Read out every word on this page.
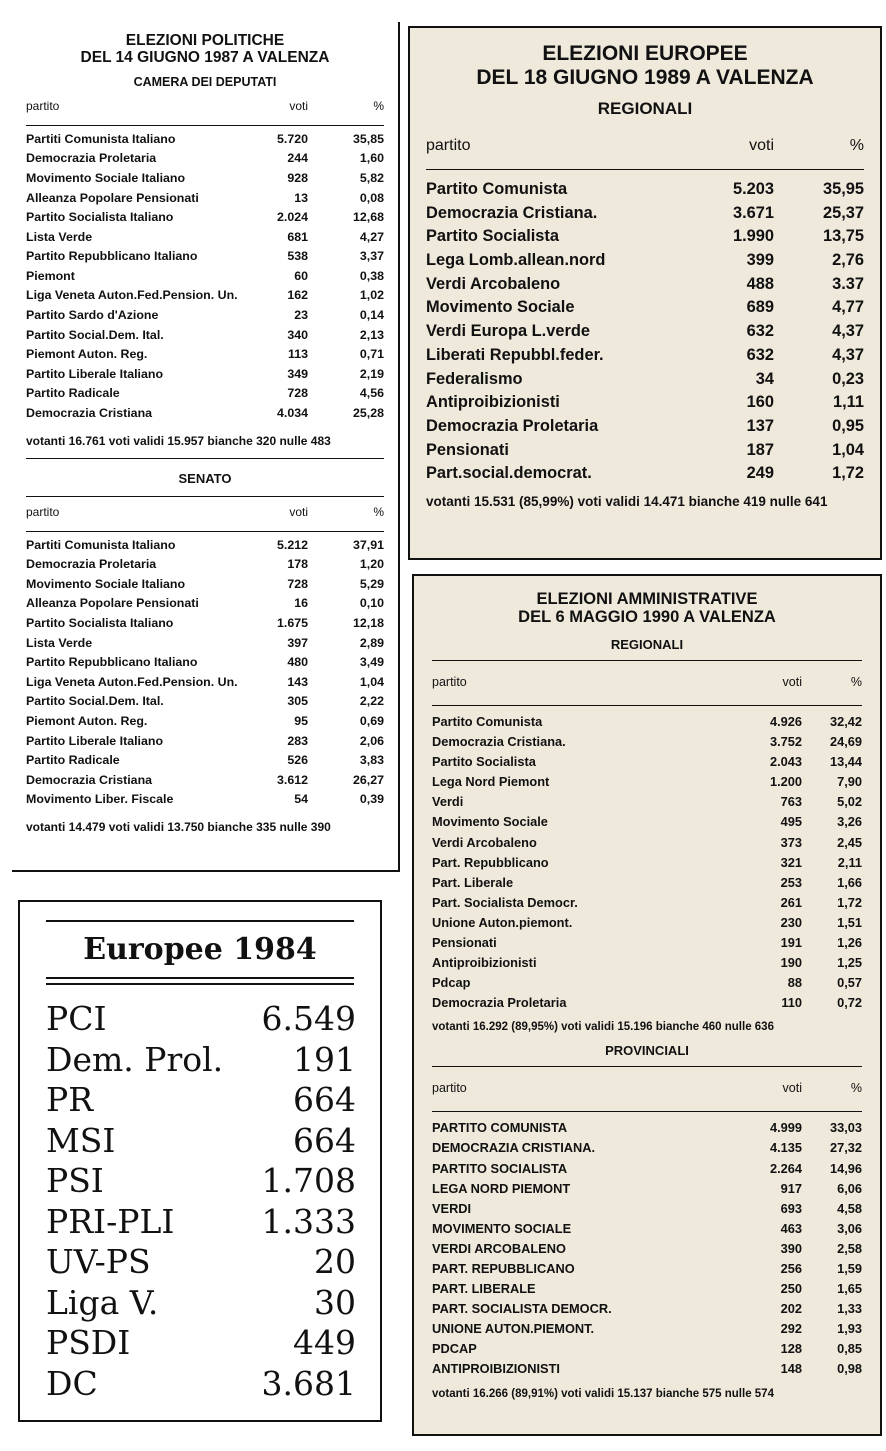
ELEZIONI POLITICHE
DEL 14 GIUGNO 1987 A VALENZA
CAMERA DEI DEPUTATI
partito	voti	%
Partiti Comunista Italiano	5.720	35,85
Democrazia Proletaria	244	1,60
Movimento Sociale Italiano	928	5,82
Alleanza Popolare Pensionati	13	0,08
Partito Socialista Italiano	2.024	12,68
Lista Verde	681	4,27
Partito Repubblicano Italiano	538	3,37
Piemont	60	0,38
Liga Veneta Auton.Fed.Pension. Un.	162	1,02
Partito Sardo d'Azione	23	0,14
Partito Social.Dem. Ital.	340	2,13
Piemont Auton. Reg.	113	0,71
Partito Liberale Italiano	349	2,19
Partito Radicale	728	4,56
Democrazia Cristiana	4.034	25,28
votanti 16.761 voti validi 15.957 bianche 320 nulle 483
SENATO
partito	voti	%
Partiti Comunista Italiano	5.212	37,91
Democrazia Proletaria	178	1,20
Movimento Sociale Italiano	728	5,29
Alleanza Popolare Pensionati	16	0,10
Partito Socialista Italiano	1.675	12,18
Lista Verde	397	2,89
Partito Repubblicano Italiano	480	3,49
Liga Veneta Auton.Fed.Pension. Un.	143	1,04
Partito Social.Dem. Ital.	305	2,22
Piemont Auton. Reg.	95	0,69
Partito Liberale Italiano	283	2,06
Partito Radicale	526	3,83
Democrazia Cristiana	3.612	26,27
Movimento Liber. Fiscale	54	0,39
votanti 14.479 voti validi 13.750 bianche 335 nulle 390
ELEZIONI EUROPEE
DEL 18 GIUGNO 1989 A VALENZA
REGIONALI
partito	voti	%
Partito Comunista	5.203	35,95
Democrazia Cristiana.	3.671	25,37
Partito Socialista	1.990	13,75
Lega Lomb.allean.nord	399	2,76
Verdi Arcobaleno	488	3.37
Movimento Sociale	689	4,77
Verdi Europa L.verde	632	4,37
Liberati Repubbl.feder.	632	4,37
Federalismo	34	0,23
Antiproibizionisti	160	1,11
Democrazia Proletaria	137	0,95
Pensionati	187	1,04
Part.social.democrat.	249	1,72
votanti 15.531 (85,99%) voti validi 14.471 bianche 419 nulle 641
Europee 1984
PCI	6.549
Dem. Prol.	191
PR	664
MSI	664
PSI	1.708
PRI-PLI	1.333
UV-PS	20
Liga V.	30
PSDI	449
DC	3.681
ELEZIONI AMMINISTRATIVE
DEL 6 MAGGIO 1990 A VALENZA
REGIONALI
partito	voti	%
Partito Comunista	4.926	32,42
Democrazia Cristiana.	3.752	24,69
Partito Socialista	2.043	13,44
Lega Nord Piemont	1.200	7,90
Verdi	763	5,02
Movimento Sociale	495	3,26
Verdi Arcobaleno	373	2,45
Part. Repubblicano	321	2,11
Part. Liberale	253	1,66
Part. Socialista Democr.	261	1,72
Unione Auton.piemont.	230	1,51
Pensionati	191	1,26
Antiproibizionisti	190	1,25
Pdcap	88	0,57
Democrazia Proletaria	110	0,72
votanti 16.292 (89,95%) voti validi 15.196 bianche 460 nulle 636
PROVINCIALI
partito	voti	%
PARTITO COMUNISTA	4.999	33,03
DEMOCRAZIA CRISTIANA.	4.135	27,32
PARTITO SOCIALISTA	2.264	14,96
LEGA NORD PIEMONT	917	6,06
VERDI	693	4,58
MOVIMENTO SOCIALE	463	3,06
VERDI ARCOBALENO	390	2,58
PART. REPUBBLICANO	256	1,59
PART. LIBERALE	250	1,65
PART. SOCIALISTA DEMOCR.	202	1,33
UNIONE AUTON.PIEMONT.	292	1,93
PDCAP	128	0,85
ANTIPROIBIZIONISTI	148	0,98
votanti 16.266 (89,91%) voti validi 15.137 bianche 575 nulle 574
